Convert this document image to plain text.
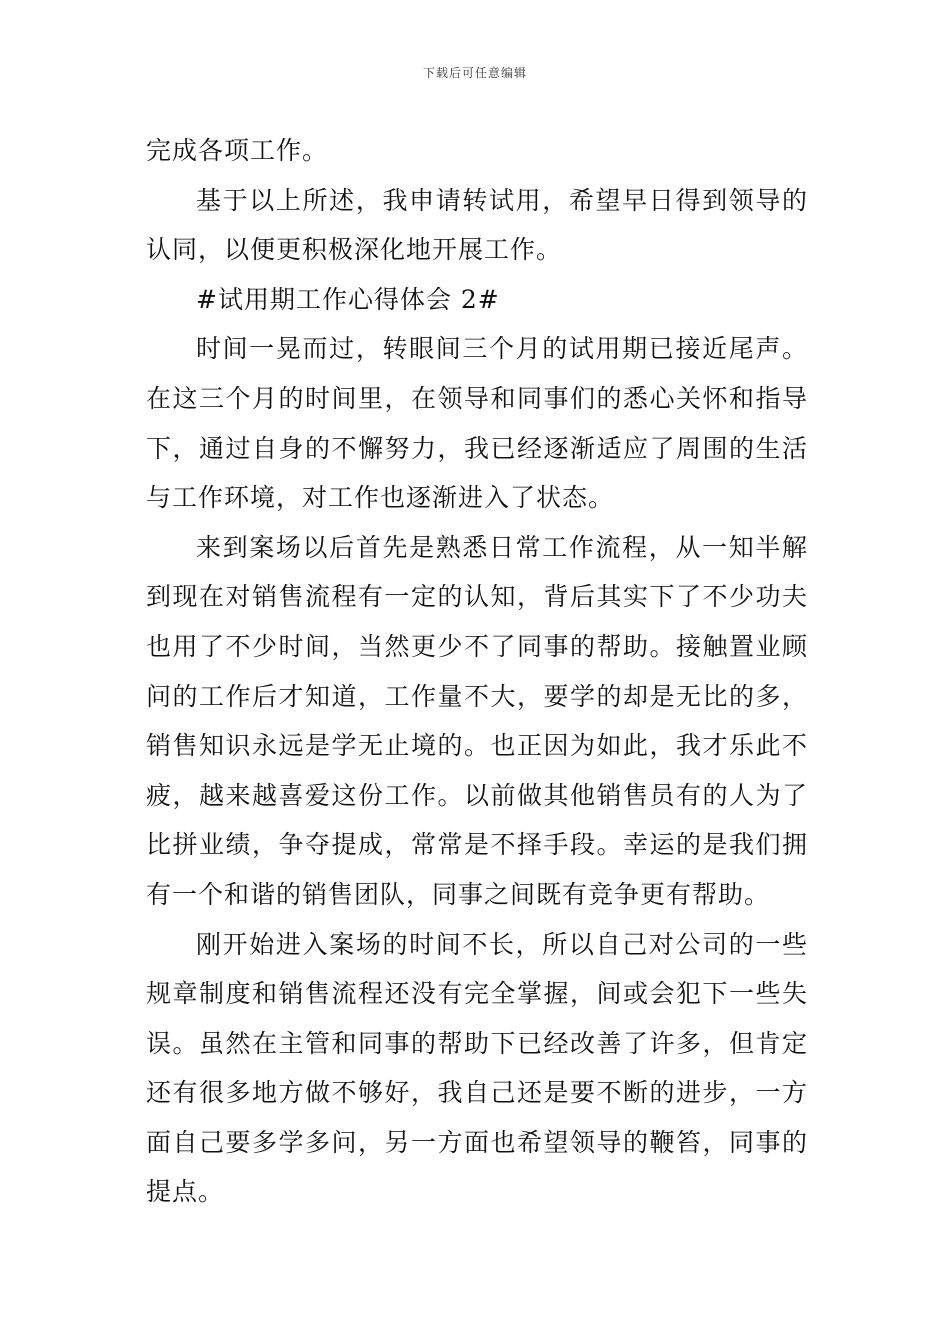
下载后可任意编辑

完成各项工作。

基于以上所述，我申请转试用，希望早日得到领导的认同，以便更积极深化地开展工作。

#试用期工作心得体会 2#

时间一晃而过，转眼间三个月的试用期已接近尾声。在这三个月的时间里，在领导和同事们的悉心关怀和指导下，通过自身的不懈努力，我已经逐渐适应了周围的生活与工作环境，对工作也逐渐进入了状态。

来到案场以后首先是熟悉日常工作流程，从一知半解到现在对销售流程有一定的认知，背后其实下了不少功夫也用了不少时间，当然更少不了同事的帮助。接触置业顾问的工作后才知道，工作量不大，要学的却是无比的多，销售知识永远是学无止境的。也正因为如此，我才乐此不疲，越来越喜爱这份工作。以前做其他销售员有的人为了比拼业绩，争夺提成，常常是不择手段。幸运的是我们拥有一个和谐的销售团队，同事之间既有竞争更有帮助。

刚开始进入案场的时间不长，所以自己对公司的一些规章制度和销售流程还没有完全掌握，间或会犯下一些失误。虽然在主管和同事的帮助下已经改善了许多，但肯定还有很多地方做不够好，我自己还是要不断的进步，一方面自己要多学多问，另一方面也希望领导的鞭笞，同事的提点。
